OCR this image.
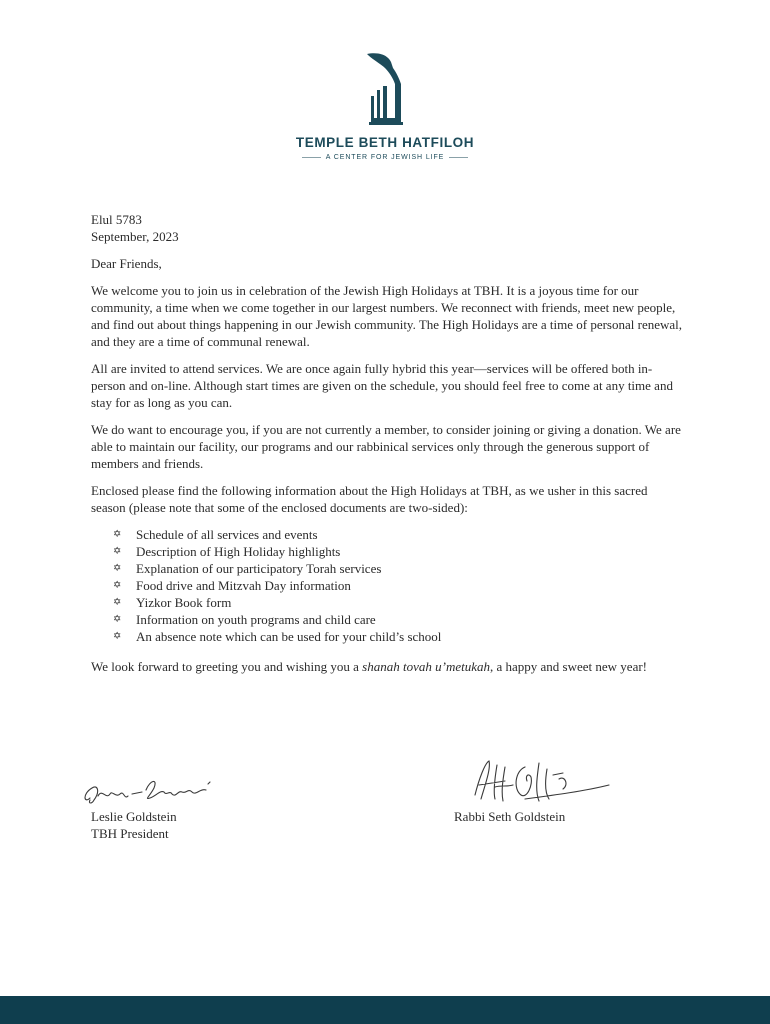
TEMPLE BETH HATFILOH
A CENTER FOR JEWISH LIFE
Elul 5783
September, 2023

Dear Friends,

We welcome you to join us in celebration of the Jewish High Holidays at TBH. It is a joyous time for our community, a time when we come together in our largest numbers. We reconnect with friends, meet new people, and find out about things happening in our Jewish community. The High Holidays are a time of personal renewal, and they are a time of communal renewal.

All are invited to attend services. We are once again fully hybrid this year—services will be offered both in-person and on-line. Although start times are given on the schedule, you should feel free to come at any time and stay for as long as you can.

We do want to encourage you, if you are not currently a member, to consider joining or giving a donation. We are able to maintain our facility, our programs and our rabbinical services only through the generous support of members and friends.

Enclosed please find the following information about the High Holidays at TBH, as we usher in this sacred season (please note that some of the enclosed documents are two-sided):

✡ Schedule of all services and events
✡ Description of High Holiday highlights
✡ Explanation of our participatory Torah services
✡ Food drive and Mitzvah Day information
✡ Yizkor Book form
✡ Information on youth programs and child care
✡ An absence note which can be used for your child’s school

We look forward to greeting you and wishing you a shanah tovah u’metukah, a happy and sweet new year!

Leslie Goldstein
TBH President
Rabbi Seth Goldstein
